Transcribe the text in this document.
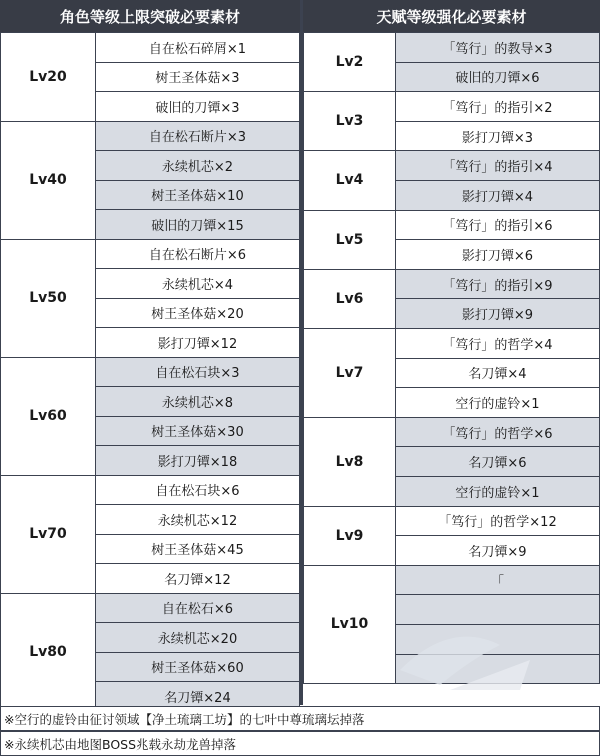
角色等级上限突破必要素材	天赋等级强化必要素材
Lv20
自在松石碎屑×1
树王圣体菇×3
破旧的刀镡×3
Lv40
自在松石断片×3
永续机芯×2
树王圣体菇×10
破旧的刀镡×15
Lv50
自在松石断片×6
永续机芯×4
树王圣体菇×20
影打刀镡×12
Lv60
自在松石块×3
永续机芯×8
树王圣体菇×30
影打刀镡×18
Lv70
自在松石块×6
永续机芯×12
树王圣体菇×45
名刀镡×12
Lv80
自在松石×6
永续机芯×20
树王圣体菇×60
名刀镡×24
Lv2
「笃行」的教导×3
破旧的刀镡×6
Lv3
「笃行」的指引×2
影打刀镡×3
Lv4
「笃行」的指引×4
影打刀镡×4
Lv5
「笃行」的指引×6
影打刀镡×6
Lv6
「笃行」的指引×9
影打刀镡×9
Lv7
「笃行」的哲学×4
名刀镡×4
空行的虚铃×1
Lv8
「笃行」的哲学×6
名刀镡×6
空行的虚铃×1
Lv9
「笃行」的哲学×12
名刀镡×9
Lv10
「
※空行的虚铃由征讨领域【净土琉璃工坊】的七叶中尊琉璃坛掉落
※永续机芯由地图BOSS兆载永劫龙兽掉落
